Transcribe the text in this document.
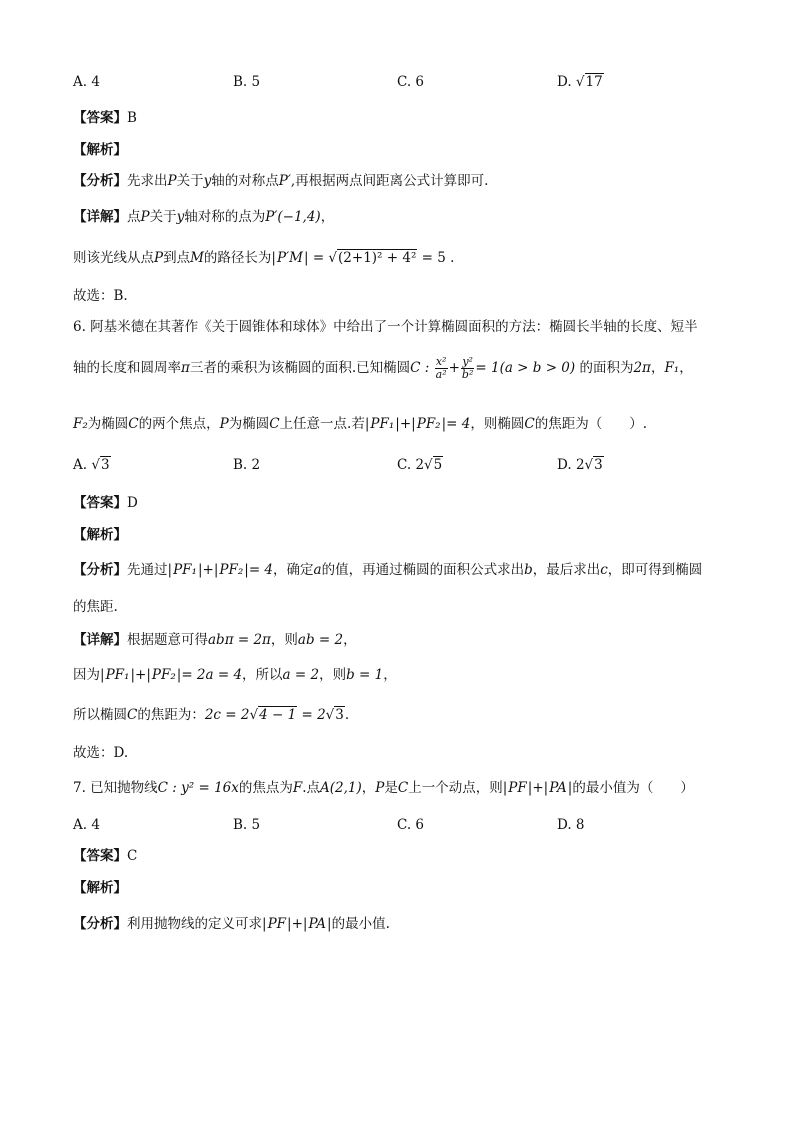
A. 4	B. 5	C. 6	D. √17
【答案】B
【解析】
【分析】先求出P关于y轴的对称点P′,再根据两点间距离公式计算即可.
【详解】点P关于y轴对称的点为P′(−1,4)，
则该光线从点P到点M的路径长为|P′M| = √(2+1)² + 4² = 5 .
故选：B.
6. 阿基米德在其著作《关于圆锥体和球体》中给出了一个计算椭圆面积的方法：椭圆长半轴的长度、短半
轴的长度和圆周率π三者的乘积为该椭圆的面积.已知椭圆C : $\frac{\text{x²}}{\text{a²}} + \frac{\text{y²}}{\text{b²}} = 1(a > b > 0)$ 的面积为2π，F₁，
F₂为椭圆C的两个焦点，P为椭圆C上任意一点.若|PF₁|+|PF₂|= 4，则椭圆C的焦距为（　　）.
A. √3	B. 2	C. 2√5	D. 2√3
【答案】D
【解析】
【分析】先通过|PF₁|+|PF₂|= 4，确定a的值，再通过椭圆的面积公式求出b，最后求出c，即可得到椭圆
的焦距.
【详解】根据题意可得abπ = 2π，则ab = 2，
因为|PF₁|+|PF₂|= 2a = 4，所以a = 2，则b = 1，
所以椭圆C的焦距为：2c = 2√4 − 1 = 2√3.
故选：D.
7. 已知抛物线C : y² = 16x的焦点为F.点A(2,1)，P是C上一个动点，则|PF|+|PA|的最小值为（　　）
A. 4	B. 5	C. 6	D. 8
【答案】C
【解析】
【分析】利用抛物线的定义可求|PF|+|PA|的最小值.
